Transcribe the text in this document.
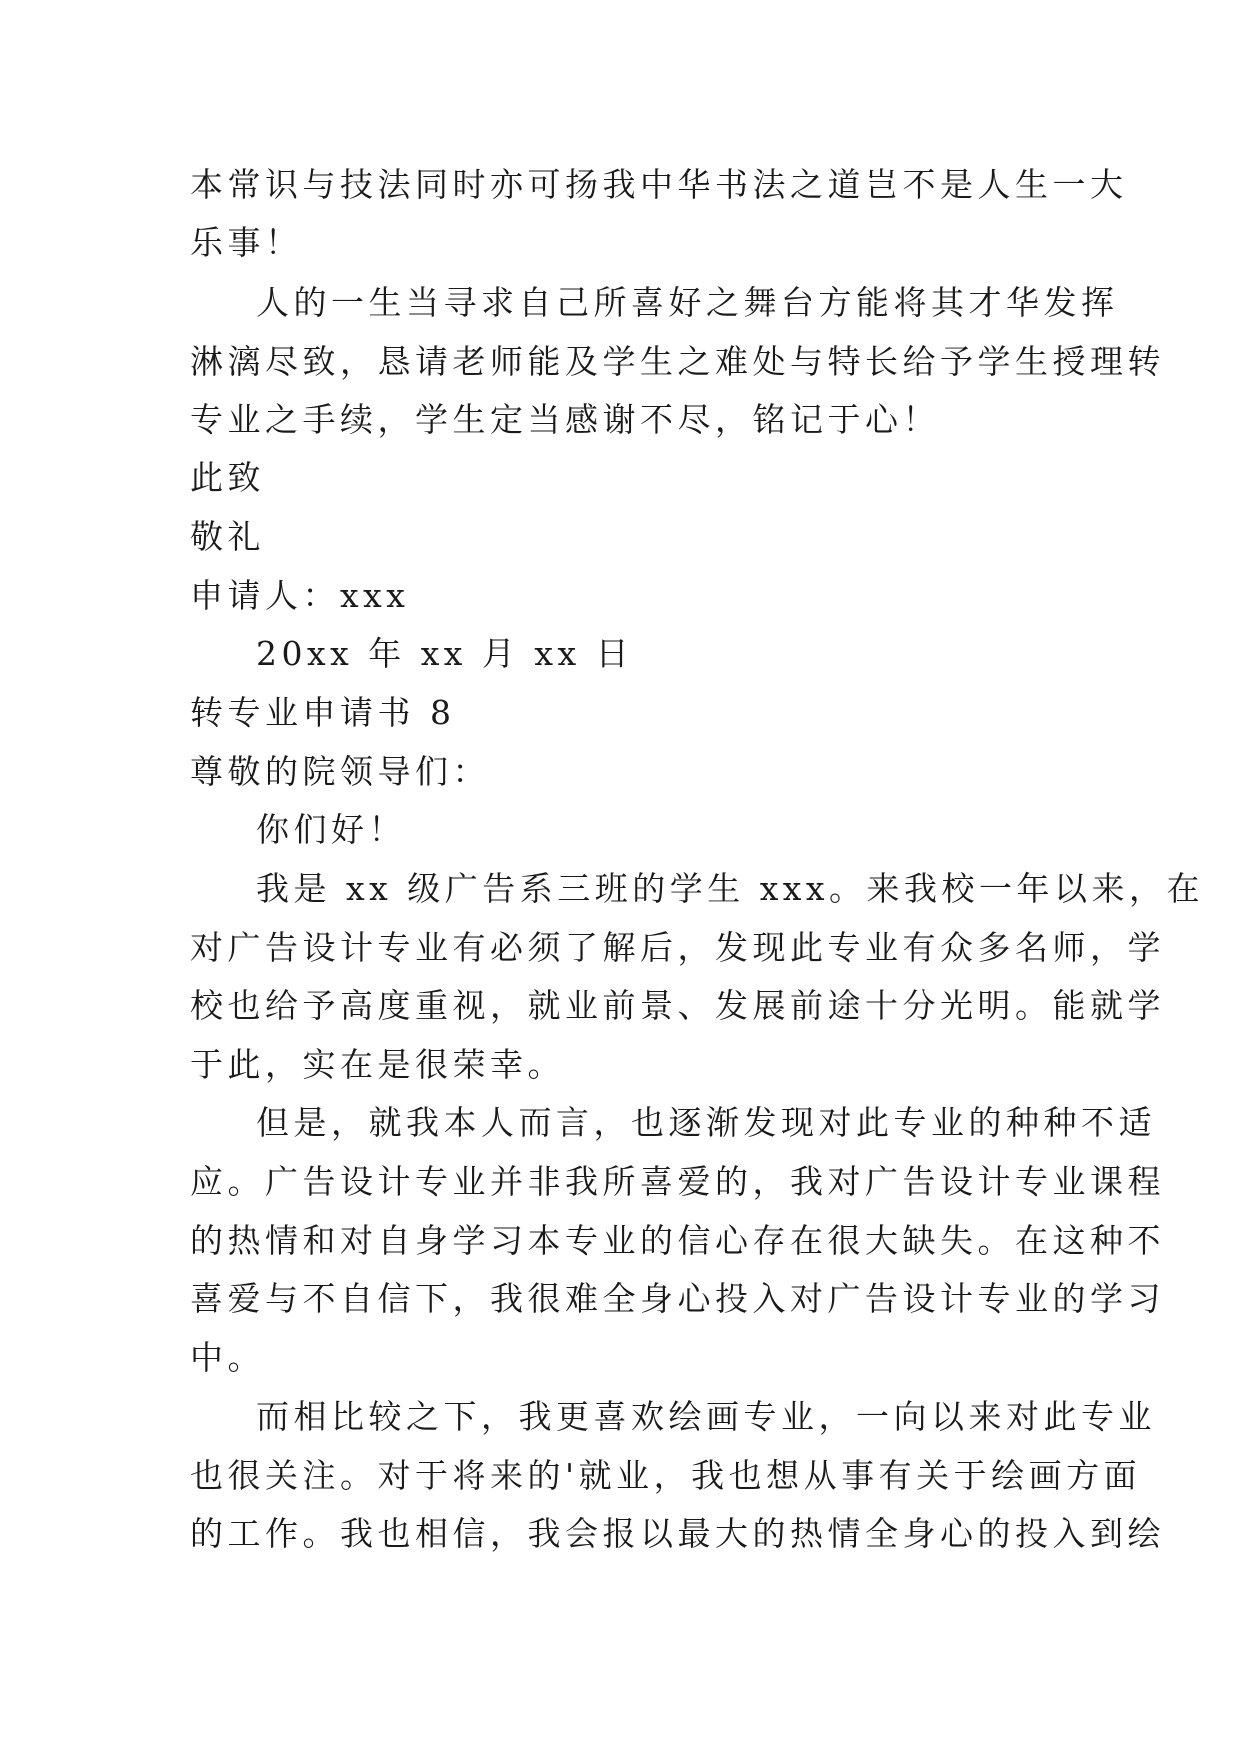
本常识与技法同时亦可扬我中华书法之道岂不是人生一大
乐事！
人的一生当寻求自己所喜好之舞台方能将其才华发挥
淋漓尽致，恳请老师能及学生之难处与特长给予学生授理转
专业之手续，学生定当感谢不尽，铭记于心！
此致
敬礼
申请人：xxx
20xx 年 xx 月 xx 日
转专业申请书 8
尊敬的院领导们：
你们好！
我是 xx 级广告系三班的学生 xxx。来我校一年以来，在
对广告设计专业有必须了解后，发现此专业有众多名师，学
校也给予高度重视，就业前景、发展前途十分光明。能就学
于此，实在是很荣幸。
但是，就我本人而言，也逐渐发现对此专业的种种不适
应。广告设计专业并非我所喜爱的，我对广告设计专业课程
的热情和对自身学习本专业的信心存在很大缺失。在这种不
喜爱与不自信下，我很难全身心投入对广告设计专业的学习
中。
而相比较之下，我更喜欢绘画专业，一向以来对此专业
也很关注。对于将来的'就业，我也想从事有关于绘画方面
的工作。我也相信，我会报以最大的热情全身心的投入到绘
